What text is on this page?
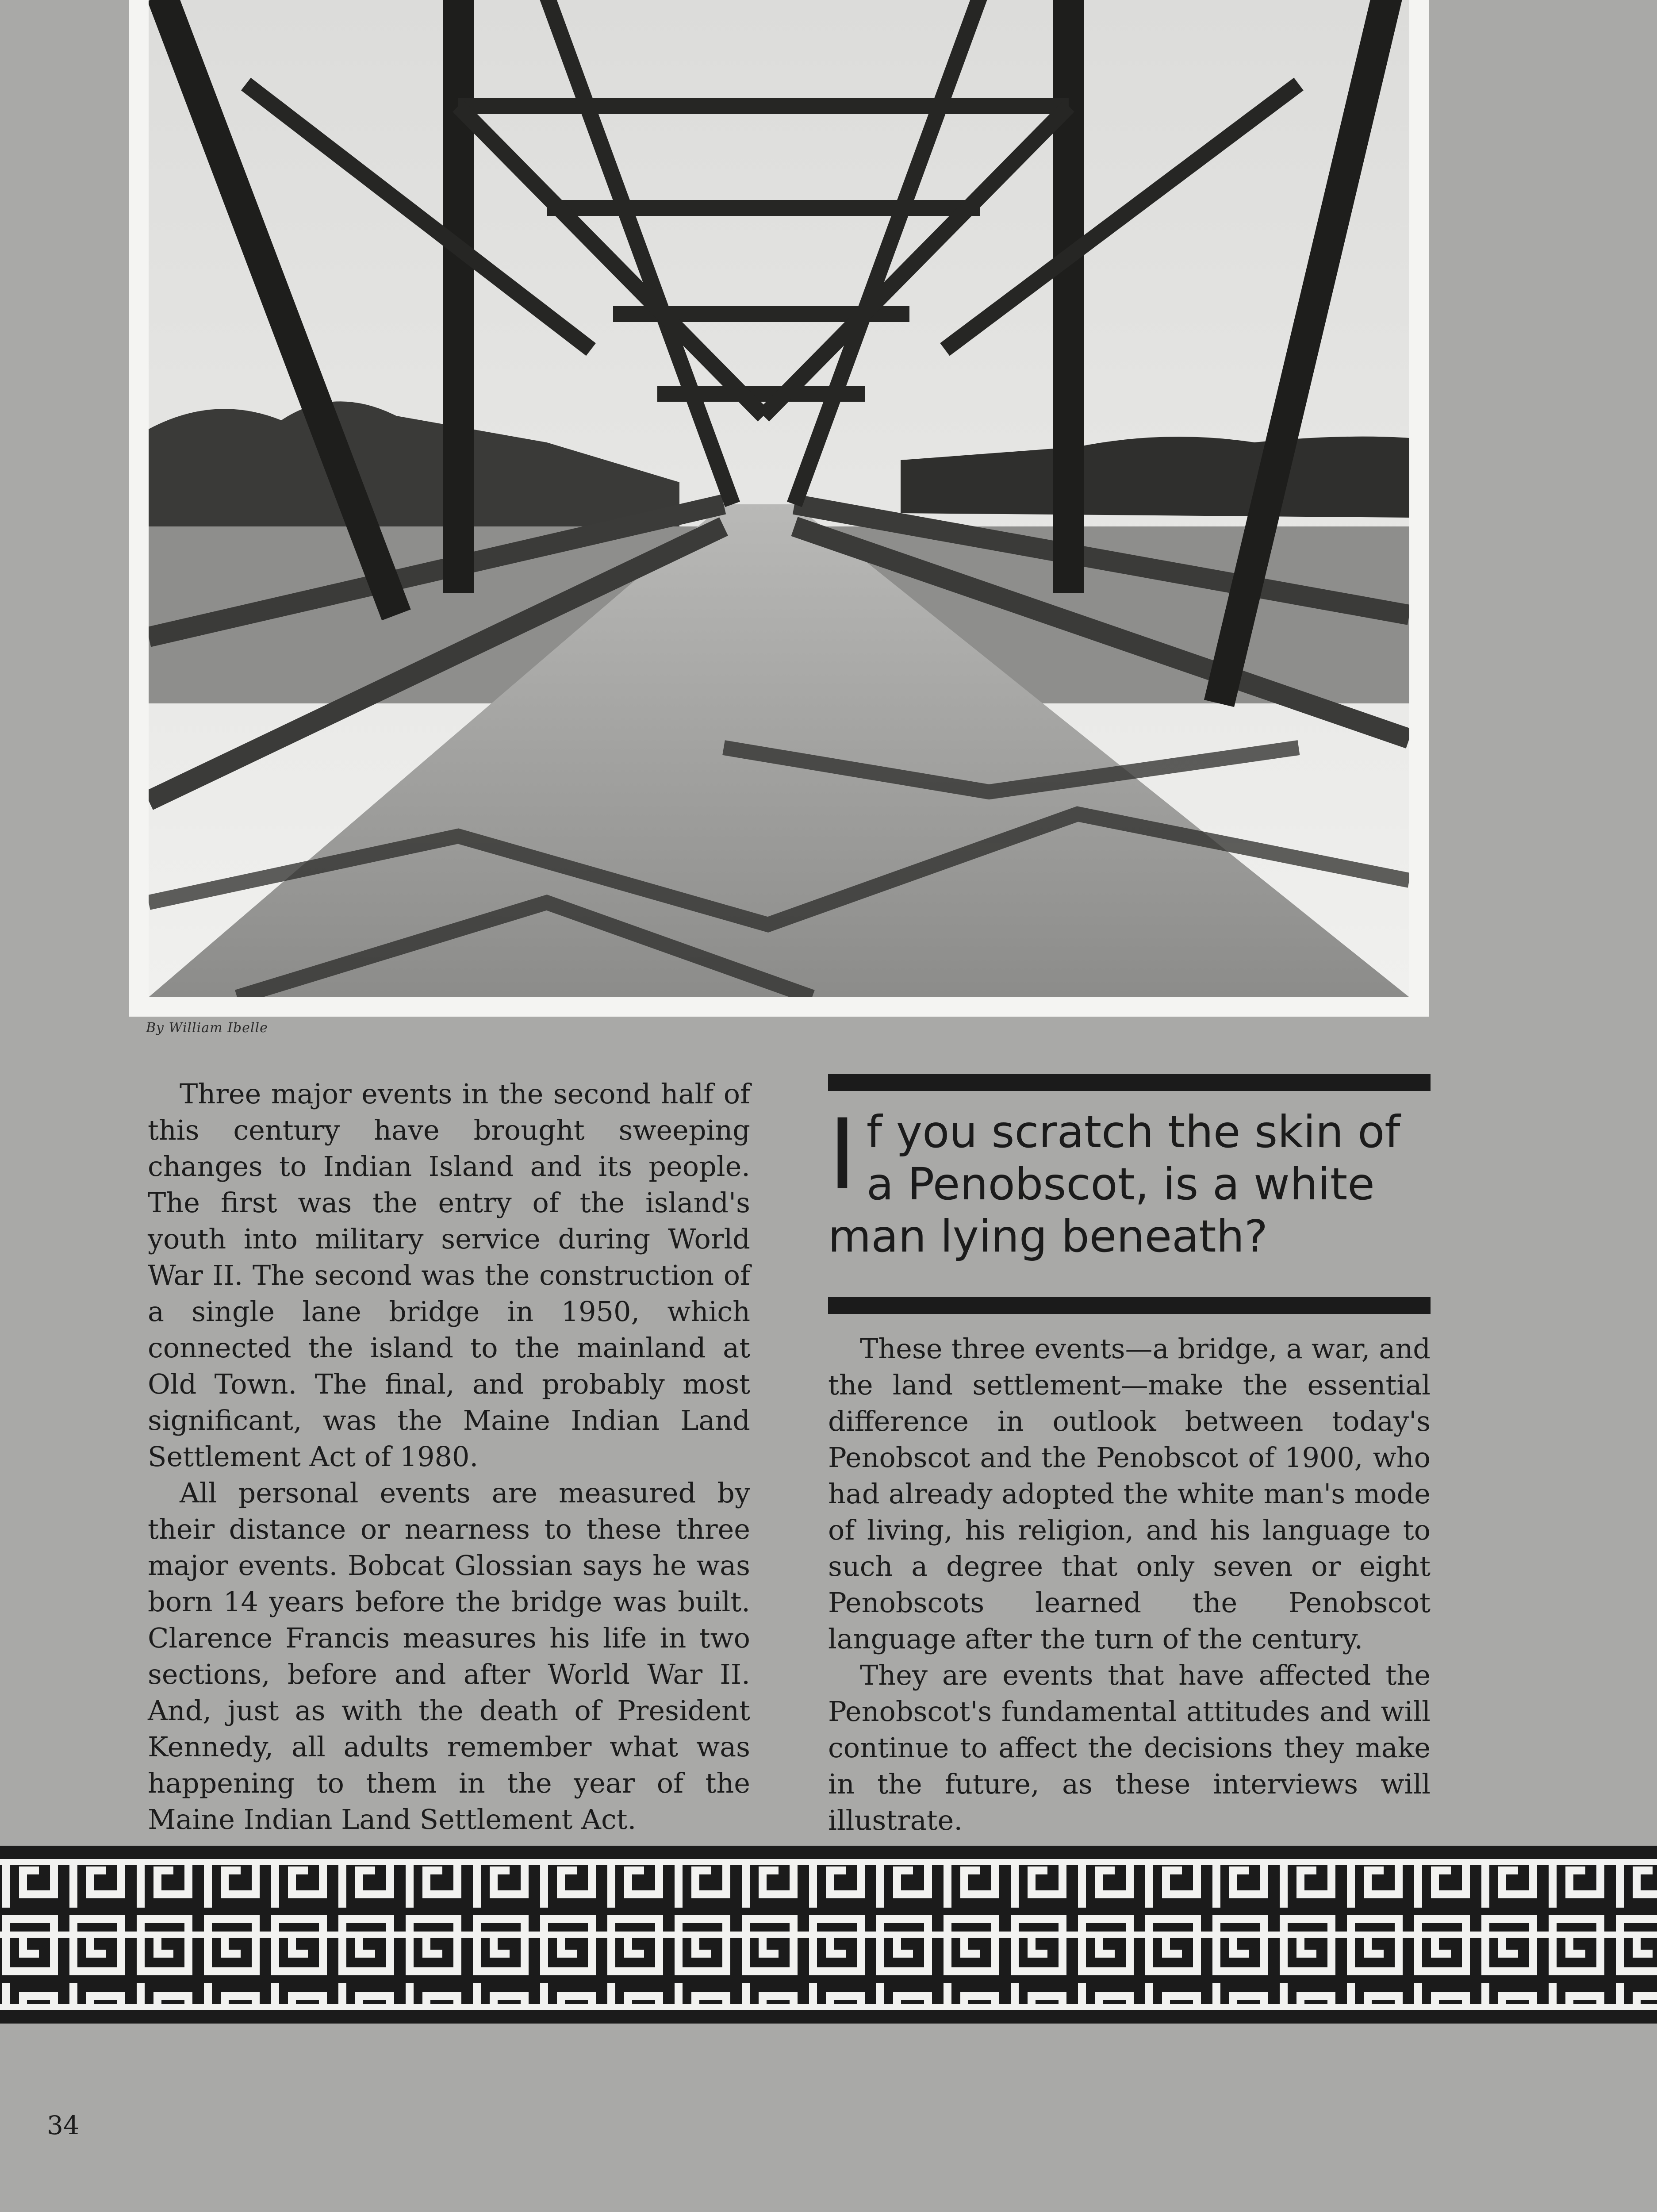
By William Ibelle

Three major events in the second half of this century have brought sweeping changes to Indian Island and its people. The first was the entry of the island's youth into military service during World War II. The second was the construction of a single lane bridge in 1950, which connected the island to the mainland at Old Town. The final, and probably most significant, was the Maine Indian Land Settlement Act of 1980.

All personal events are measured by their distance or nearness to these three major events. Bobcat Glossian says he was born 14 years before the bridge was built. Clarence Francis measures his life in two sections, before and after World War II. And, just as with the death of President Kennedy, all adults remember what was happening to them in the year of the Maine Indian Land Settlement Act.

I f you scratch the skin of a Penobscot, is a white man lying beneath?

These three events—a bridge, a war, and the land settlement—make the essential difference in outlook between today's Penobscot and the Penobscot of 1900, who had already adopted the white man's mode of living, his religion, and his language to such a degree that only seven or eight Penobscots learned the Penobscot language after the turn of the century.

They are events that have affected the Penobscot's fundamental attitudes and will continue to affect the decisions they make in the future, as these interviews will illustrate.

34
